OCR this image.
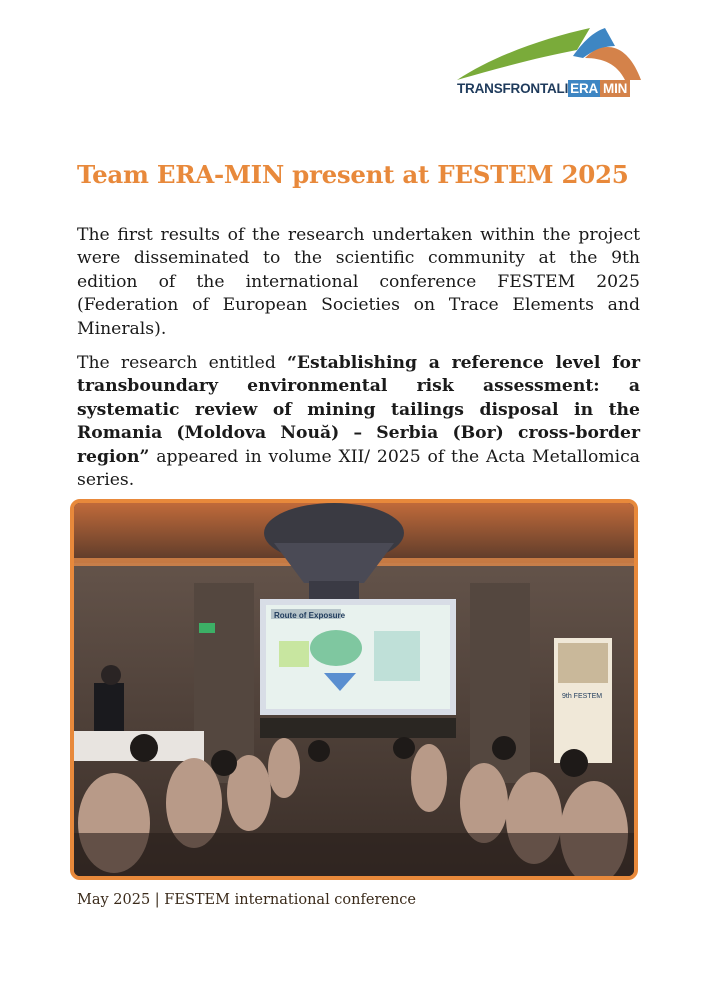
TRANSFRONTALI ERA MIN
Team ERA-MIN present at FESTEM 2025

The first results of the research undertaken within the project were disseminated to the scientific community at the 9th edition of the international conference FESTEM 2025 (Federation of European Societies on Trace Elements and Minerals).

The research entitled “Establishing a reference level for transboundary environmental risk assessment: a systematic review of mining tailings disposal in the Romania (Moldova Nouă) – Serbia (Bor) cross-border region” appeared in volume XII/ 2025 of the Acta Metallomica series.

Route of Exposure
9th FESTEM
May 2025 | FESTEM international conference
